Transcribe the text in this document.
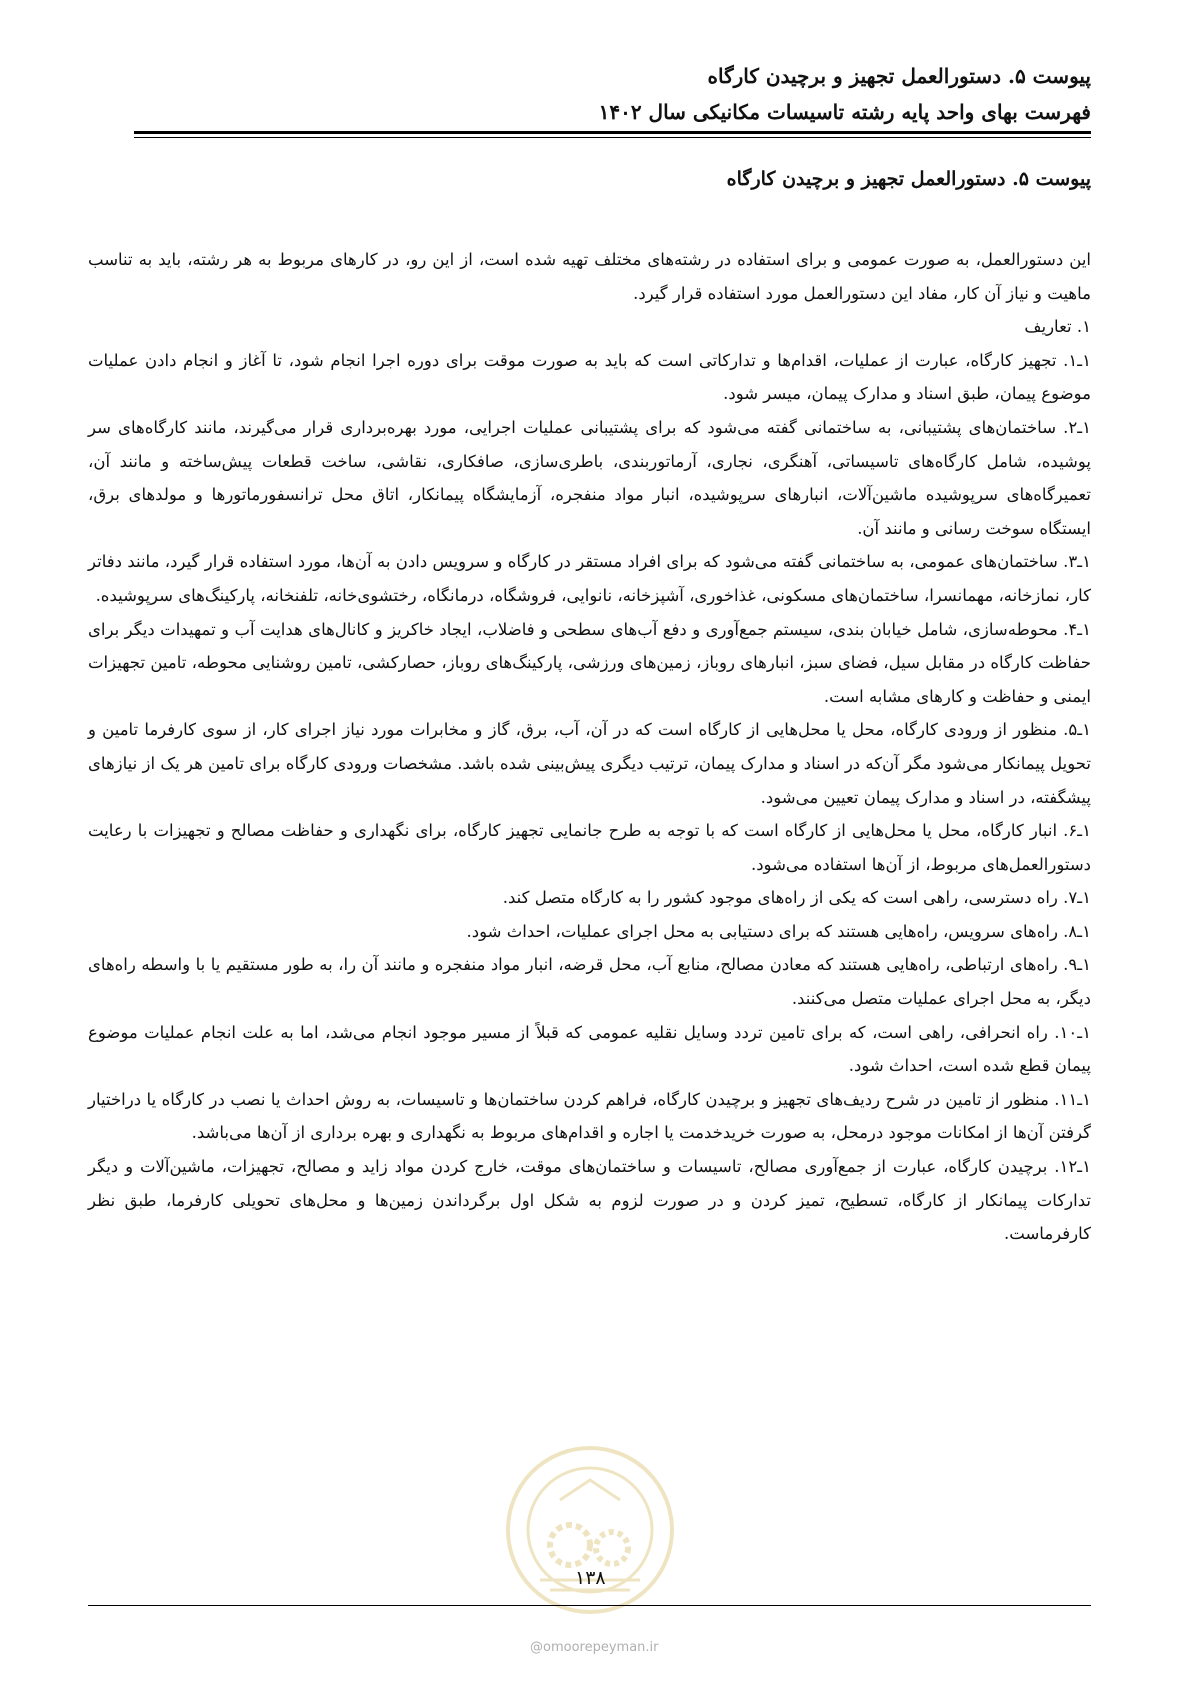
پیوست ۵. دستورالعمل تجهیز و برچیدن کارگاه
فهرست بهای واحد پایه رشته تاسیسات مکانیکی سال ۱۴۰۲
پیوست ۵. دستورالعمل تجهیز و برچیدن کارگاه

این دستورالعمل، به صورت عمومی و برای استفاده در رشته‌های مختلف تهیه شده است، از این رو، در کارهای مربوط به هر رشته، باید به تناسب ماهیت و نیاز آن کار، مفاد این دستورالعمل مورد استفاده قرار گیرد.

۱. تعاریف

۱ـ۱. تجهیز کارگاه، عبارت از عملیات، اقدام‌ها و تدارکاتی است که باید به صورت موقت برای دوره اجرا انجام شود، تا آغاز و انجام دادن عملیات موضوع پیمان، طبق اسناد و مدارک پیمان، میسر شود.

۱ـ۲. ساختمان‌های پشتیبانی، به ساختمانی گفته می‌شود که برای پشتیبانی عملیات اجرایی، مورد بهره‌برداری قرار می‌گیرند، مانند کارگاه‌های سر پوشیده، شامل کارگاه‌های تاسیساتی، آهنگری، نجاری، آرماتوربندی، باطری‌سازی، صافکاری، نقاشی، ساخت قطعات پیش‌ساخته و مانند آن، تعمیرگاه‌های سرپوشیده ماشین‌آلات، انبارهای سرپوشیده، انبار مواد منفجره، آزمایشگاه پیمانکار، اتاق محل ترانسفورماتورها و مولدهای برق، ایستگاه سوخت رسانی و مانند آن.

۱ـ۳. ساختمان‌های عمومی، به ساختمانی گفته می‌شود که برای افراد مستقر در کارگاه و سرویس دادن به آن‌ها، مورد استفاده قرار گیرد، مانند دفاتر کار، نمازخانه، مهمانسرا، ساختمان‌های مسکونی، غذاخوری، آشپزخانه، نانوایی، فروشگاه، درمانگاه، رختشوی‌خانه، تلفنخانه، پارکینگ‌های سرپوشیده.

۱ـ۴. محوطه‌سازی، شامل خیابان بندی، سیستم جمع‌آوری و دفع آب‌های سطحی و فاضلاب، ایجاد خاکریز و کانال‌های هدایت آب و تمهیدات دیگر برای حفاظت کارگاه در مقابل سیل، فضای سبز، انبارهای روباز، زمین‌های ورزشی، پارکینگ‌های روباز، حصارکشی، تامین روشنایی محوطه، تامین تجهیزات ایمنی و حفاظت و کارهای مشابه است.

۱ـ۵. منظور از ورودی کارگاه، محل یا محل‌هایی از کارگاه است که در آن، آب، برق، گاز و مخابرات مورد نیاز اجرای کار، از سوی کارفرما تامین و تحویل پیمانکار می‌شود مگر آن‌که در اسناد و مدارک پیمان، ترتیب دیگری پیش‌بینی شده باشد. مشخصات ورودی کارگاه برای تامین هر یک از نیازهای پیشگفته، در اسناد و مدارک پیمان تعیین می‌شود.

۱ـ۶. انبار کارگاه، محل یا محل‌هایی از کارگاه است که با توجه به طرح جانمایی تجهیز کارگاه، برای نگهداری و حفاظت مصالح و تجهیزات با رعایت دستورالعمل‌های مربوط، از آن‌ها استفاده می‌شود.

۱ـ۷. راه دسترسی، راهی است که یکی از راه‌های موجود کشور را به کارگاه متصل کند.

۱ـ۸. راه‌های سرویس، راه‌هایی هستند که برای دستیابی به محل اجرای عملیات، احداث شود.

۱ـ۹. راه‌های ارتباطی، راه‌هایی هستند که معادن مصالح، منابع آب، محل قرضه، انبار مواد منفجره و مانند آن را، به طور مستقیم یا با واسطه راه‌های دیگر، به محل اجرای عملیات متصل می‌کنند.

۱ـ۱۰. راه انحرافی، راهی است، که برای تامین تردد وسایل نقلیه عمومی که قبلاً از مسیر موجود انجام می‌شد، اما به علت انجام عملیات موضوع پیمان قطع شده است، احداث شود.

۱ـ۱۱. منظور از تامین در شرح ردیف‌های تجهیز و برچیدن کارگاه، فراهم کردن ساختمان‌ها و تاسیسات، به روش احداث یا نصب در کارگاه یا دراختیار گرفتن آن‌ها از امکانات موجود درمحل، به صورت خریدخدمت یا اجاره و اقدام‌های مربوط به نگهداری و بهره برداری از آن‌ها می‌باشد.

۱ـ۱۲. برچیدن کارگاه، عبارت از جمع‌آوری مصالح، تاسیسات و ساختمان‌های موقت، خارج کردن مواد زاید و مصالح، تجهیزات، ماشین‌آلات و دیگر تدارکات پیمانکار از کارگاه، تسطیح، تمیز کردن و در صورت لزوم به شکل اول برگرداندن زمین‌ها و محل‌های تحویلی کارفرما، طبق نظر کارفرماست.

۱۳۸
@omoorepeyman.ir
